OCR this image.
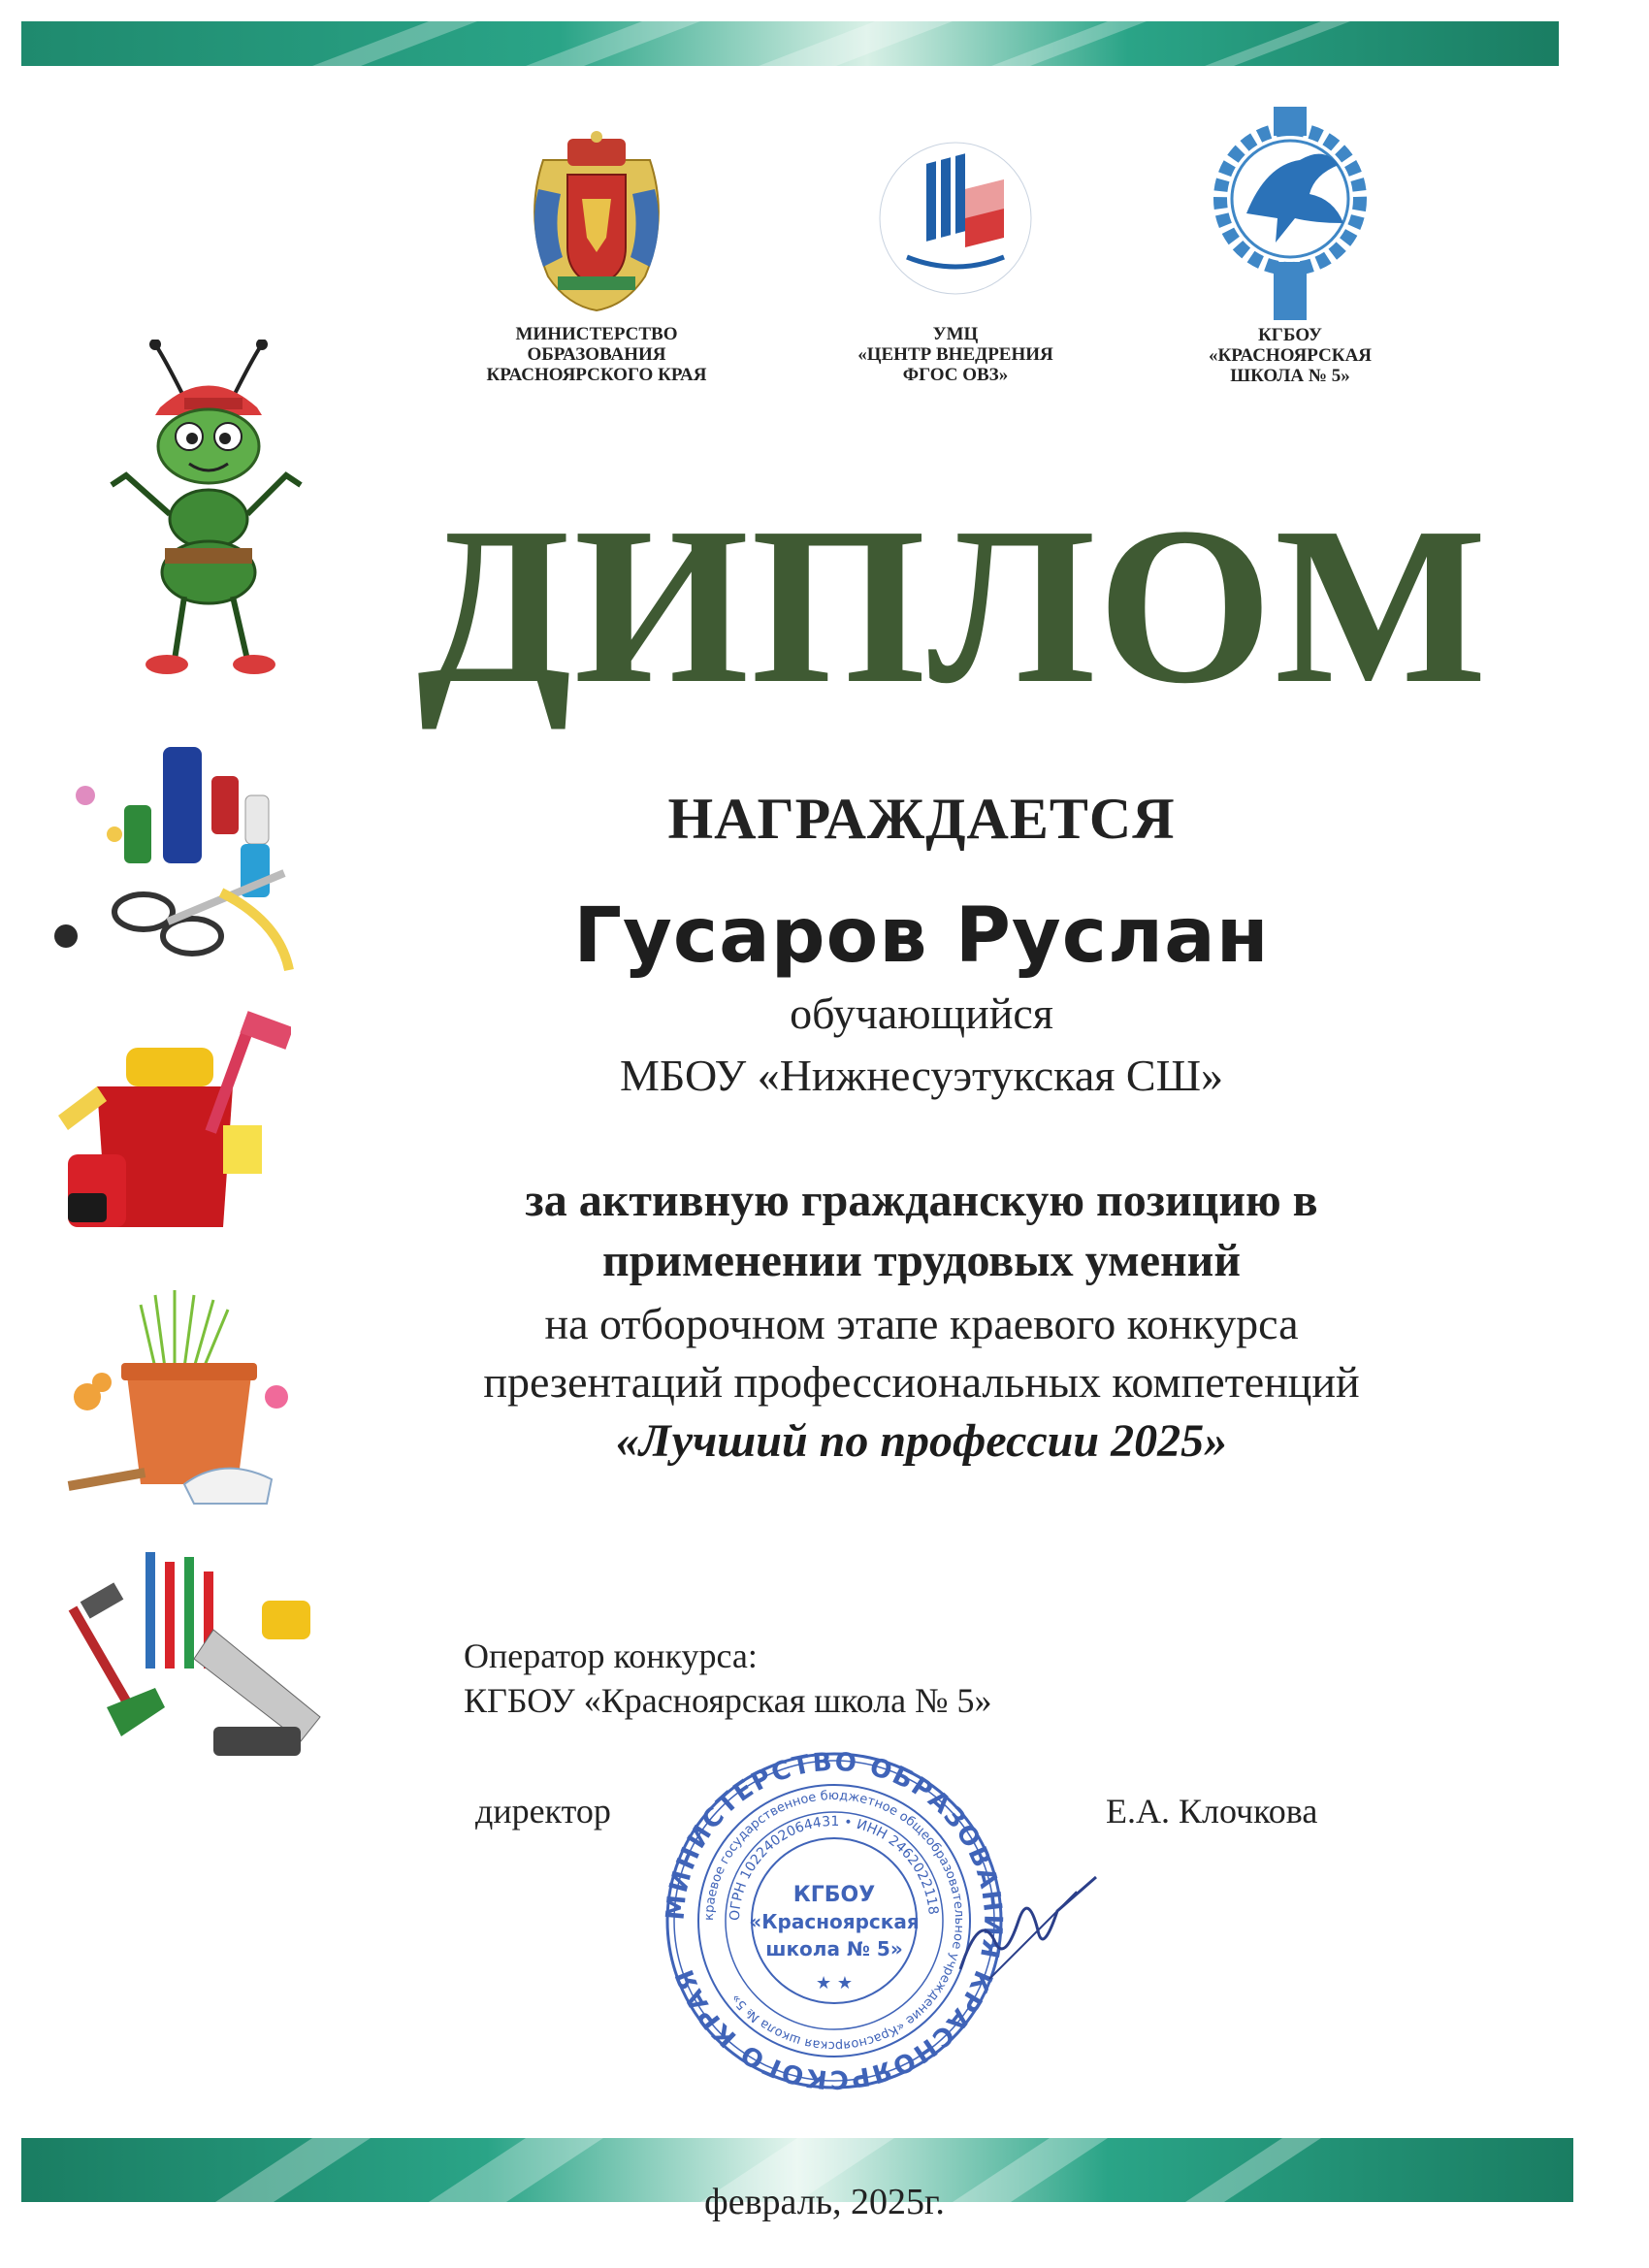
МИНИСТЕРСТВО
ОБРАЗОВАНИЯ
КРАСНОЯРСКОГО КРАЯ
УМЦ
«ЦЕНТР ВНЕДРЕНИЯ
ФГОС ОВЗ»
КГБОУ
«КРАСНОЯРСКАЯ
ШКОЛА № 5»
ДИПЛОМ
НАГРАЖДАЕТСЯ
Гусаров Руслан
обучающийся
МБОУ «Нижнесуэтукская СШ»
за активную гражданскую позицию в
применении трудовых умений
на отборочном этапе краевого конкурса
презентаций профессиональных компетенций
«Лучший по профессии 2025»
Оператор конкурса:
КГБОУ «Красноярская школа № 5»
директор	Е.А. Клочкова
МИНИСТЕРСТВО ОБРАЗОВАНИЯ КРАСНОЯРСКОГО КРАЯ
краевое государственное бюджетное общеобразовательное учреждение «Красноярская школа № 5»
ОГРН 1022402064431 • ИНН 2462022118
КГБОУ
«Красноярская
школа № 5»
★ ★
февраль, 2025г.
